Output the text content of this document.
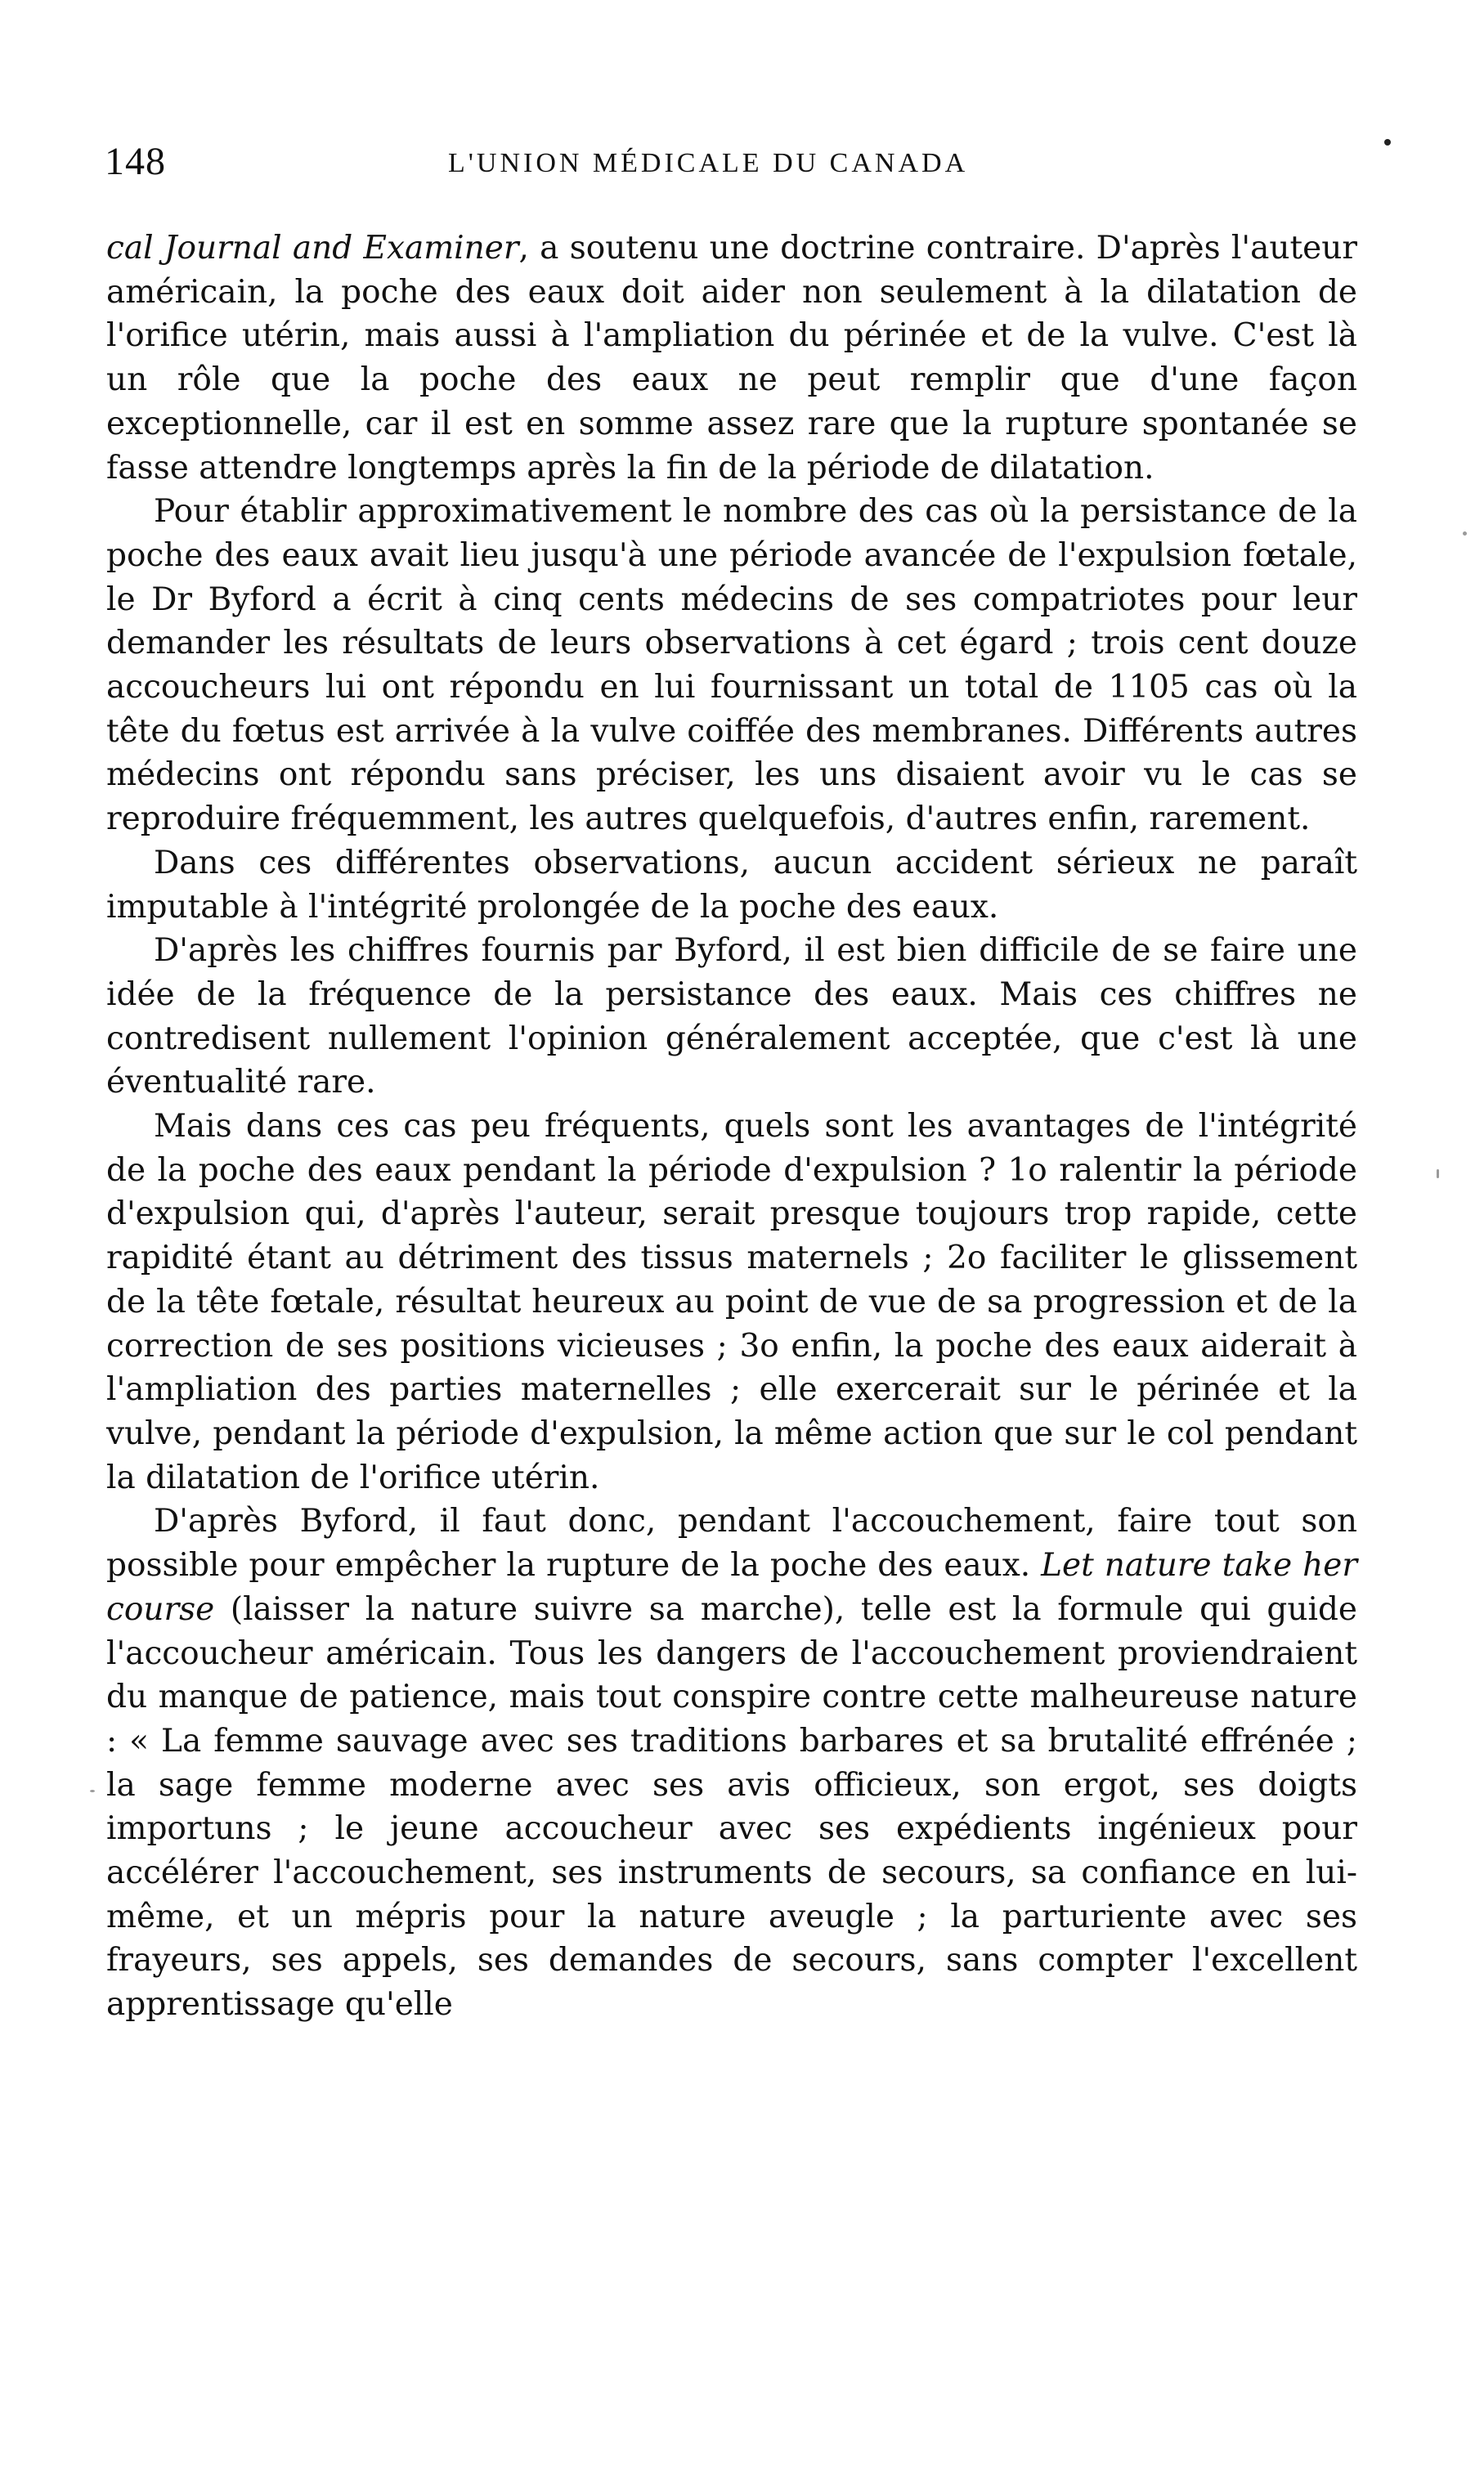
148	L'UNION MÉDICALE DU CANADA

cal Journal and Examiner, a soutenu une doctrine contraire. D'après l'auteur américain, la poche des eaux doit aider non seulement à la dilatation de l'orifice utérin, mais aussi à l'ampliation du périnée et de la vulve. C'est là un rôle que la poche des eaux ne peut remplir que d'une façon exceptionnelle, car il est en somme assez rare que la rupture spontanée se fasse attendre longtemps après la fin de la période de dilatation.

Pour établir approximativement le nombre des cas où la persistance de la poche des eaux avait lieu jusqu'à une période avancée de l'expulsion fœtale, le Dr Byford a écrit à cinq cents médecins de ses compatriotes pour leur demander les résultats de leurs observations à cet égard ; trois cent douze accoucheurs lui ont répondu en lui fournissant un total de 1105 cas où la tête du fœtus est arrivée à la vulve coiffée des membranes. Différents autres médecins ont répondu sans préciser, les uns disaient avoir vu le cas se reproduire fréquemment, les autres quelquefois, d'autres enfin, rarement.

Dans ces différentes observations, aucun accident sérieux ne paraît imputable à l'intégrité prolongée de la poche des eaux.

D'après les chiffres fournis par Byford, il est bien difficile de se faire une idée de la fréquence de la persistance des eaux. Mais ces chiffres ne contredisent nullement l'opinion généralement acceptée, que c'est là une éventualité rare.

Mais dans ces cas peu fréquents, quels sont les avantages de l'intégrité de la poche des eaux pendant la période d'expulsion ? 1o ralentir la période d'expulsion qui, d'après l'auteur, serait presque toujours trop rapide, cette rapidité étant au détriment des tissus maternels ; 2o faciliter le glissement de la tête fœtale, résultat heureux au point de vue de sa progression et de la correction de ses positions vicieuses ; 3o enfin, la poche des eaux aiderait à l'ampliation des parties maternelles ; elle exercerait sur le périnée et la vulve, pendant la période d'expulsion, la même action que sur le col pendant la dilatation de l'orifice utérin.

D'après Byford, il faut donc, pendant l'accouchement, faire tout son possible pour empêcher la rupture de la poche des eaux. Let nature take her course (laisser la nature suivre sa marche), telle est la formule qui guide l'accoucheur américain. Tous les dangers de l'accouchement proviendraient du manque de patience, mais tout conspire contre cette malheureuse nature : « La femme sauvage avec ses traditions barbares et sa brutalité effrénée ; la sage femme moderne avec ses avis officieux, son ergot, ses doigts importuns ; le jeune accoucheur avec ses expédients ingénieux pour accélérer l'accouchement, ses instruments de secours, sa confiance en lui-même, et un mépris pour la nature aveugle ; la parturiente avec ses frayeurs, ses appels, ses demandes de secours, sans compter l'excellent apprentissage qu'elle
